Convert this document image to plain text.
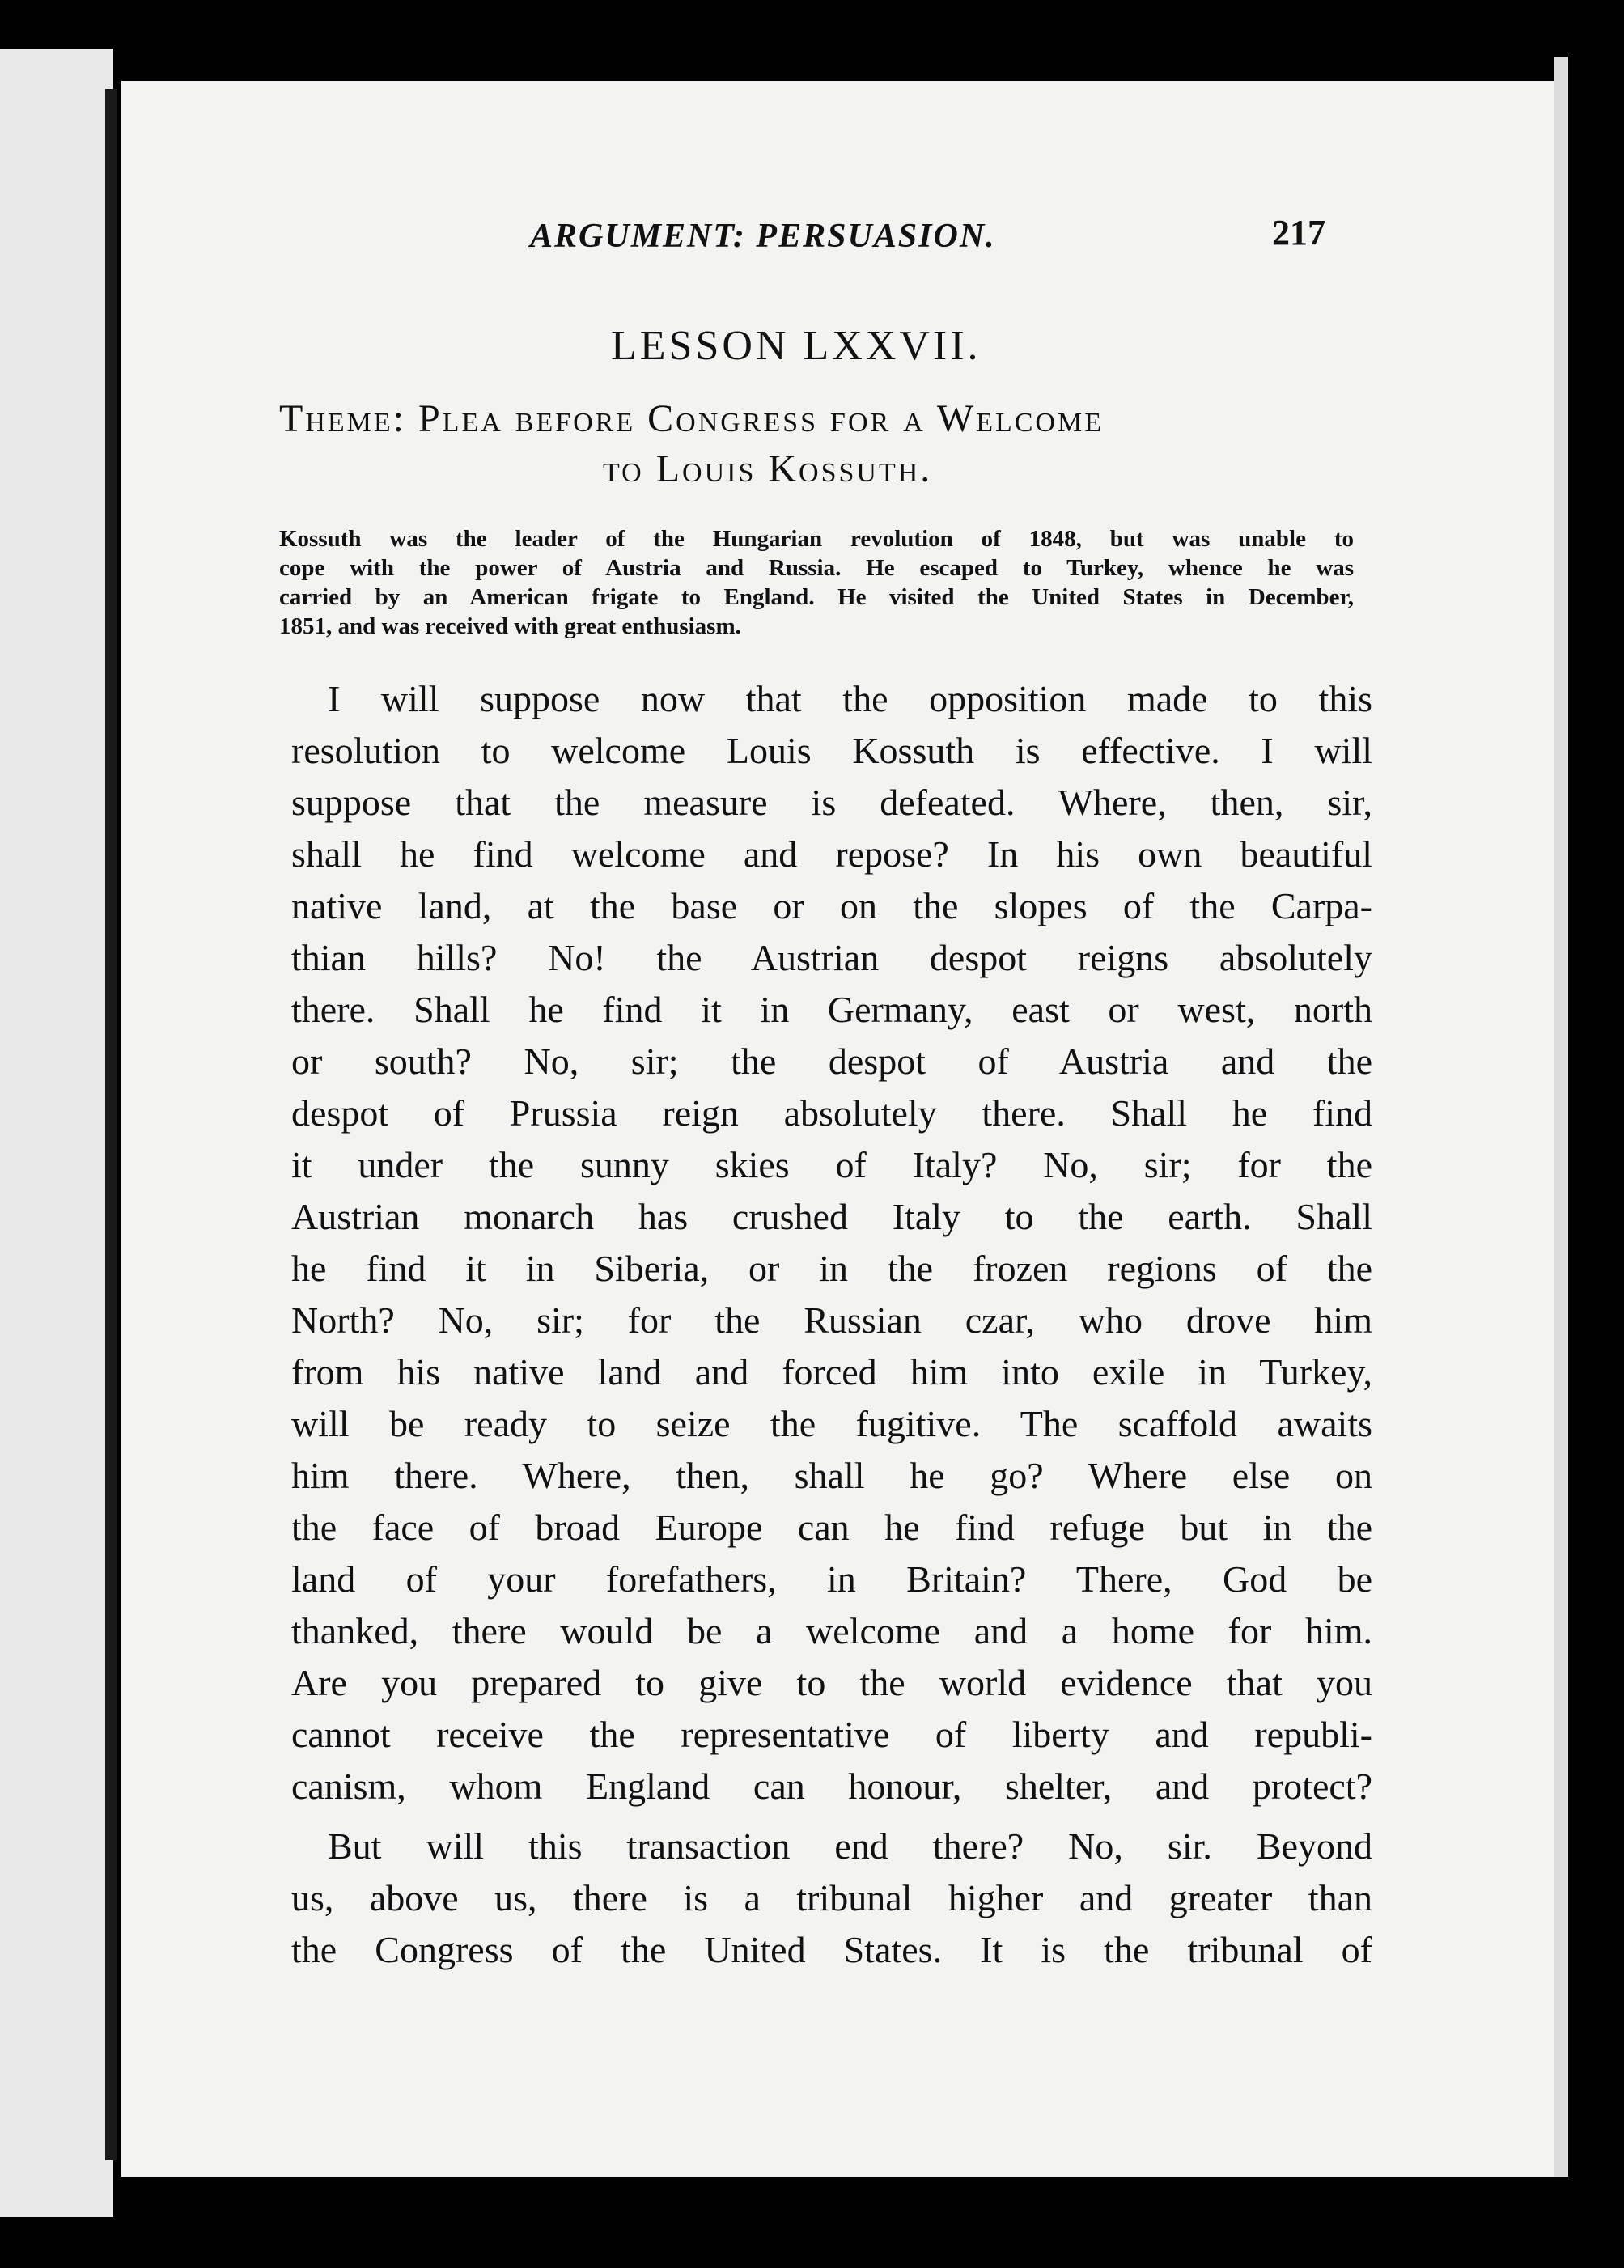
ARGUMENT: PERSUASION.	217
LESSON LXXVII.
Theme: Plea before Congress for a Welcome
to Louis Kossuth.
Kossuth was the leader of the Hungarian revolution of 1848, but was unable to
cope with the power of Austria and Russia. He escaped to Turkey, whence he was
carried by an American frigate to England. He visited the United States in December,
1851, and was received with great enthusiasm.
I will suppose now that the opposition made to this
resolution to welcome Louis Kossuth is effective. I will
suppose that the measure is defeated. Where, then, sir,
shall he find welcome and repose? In his own beautiful
native land, at the base or on the slopes of the Carpa-
thian hills? No! the Austrian despot reigns absolutely
there. Shall he find it in Germany, east or west, north
or south? No, sir; the despot of Austria and the
despot of Prussia reign absolutely there. Shall he find
it under the sunny skies of Italy? No, sir; for the
Austrian monarch has crushed Italy to the earth. Shall
he find it in Siberia, or in the frozen regions of the
North? No, sir; for the Russian czar, who drove him
from his native land and forced him into exile in Turkey,
will be ready to seize the fugitive. The scaffold awaits
him there. Where, then, shall he go? Where else on
the face of broad Europe can he find refuge but in the
land of your forefathers, in Britain? There, God be
thanked, there would be a welcome and a home for him.
Are you prepared to give to the world evidence that you
cannot receive the representative of liberty and republi-
canism, whom England can honour, shelter, and protect?
But will this transaction end there? No, sir. Beyond
us, above us, there is a tribunal higher and greater than
the Congress of the United States. It is the tribunal of
